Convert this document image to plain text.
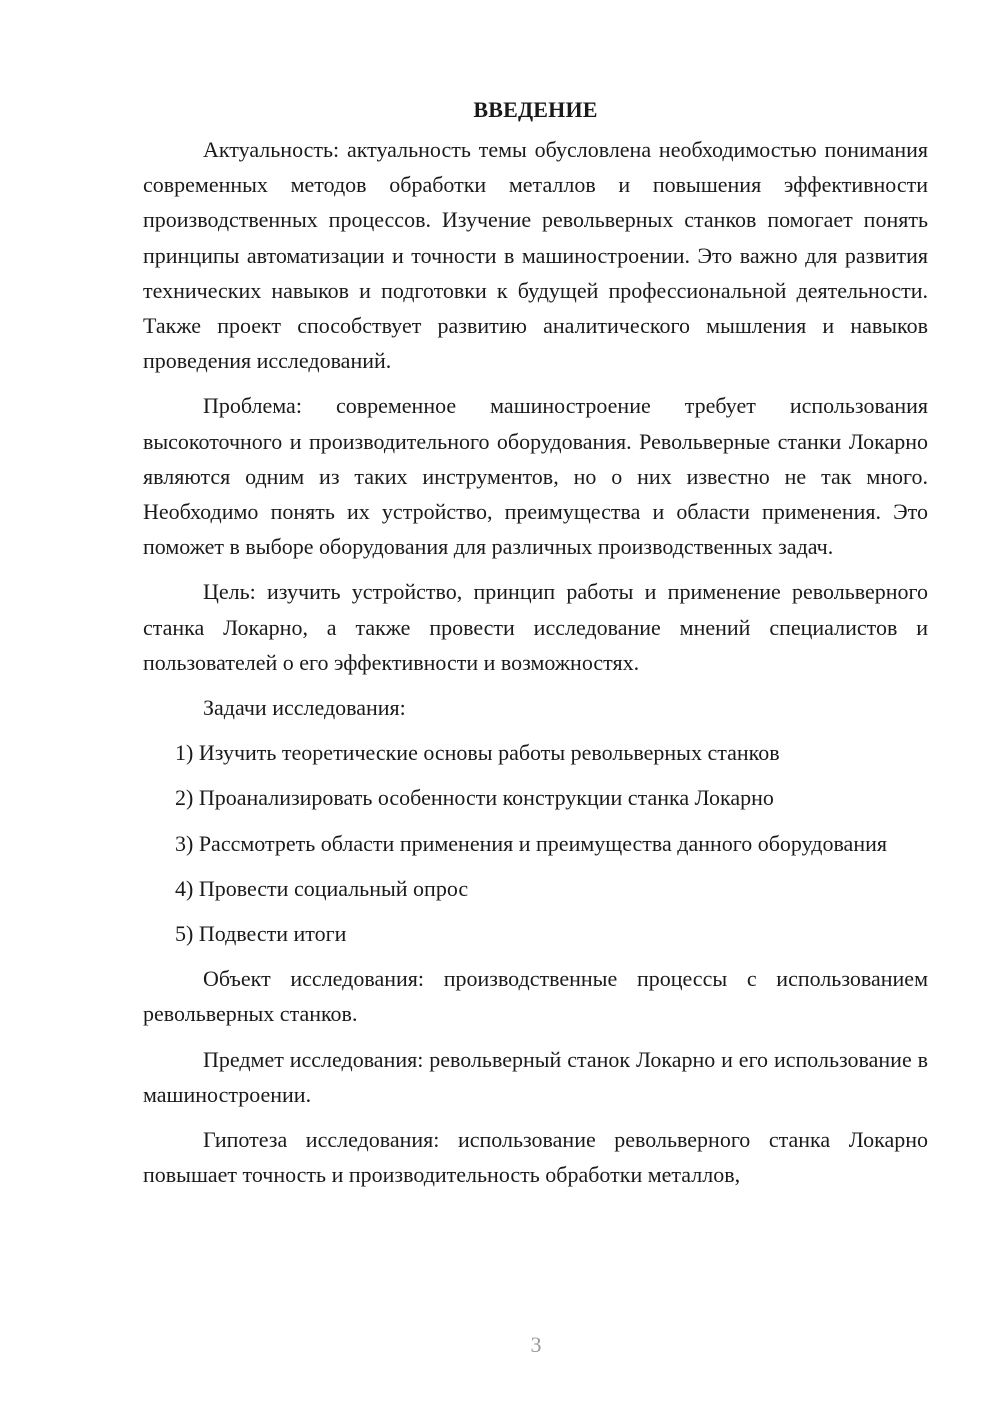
ВВЕДЕНИЕ

Актуальность: актуальность темы обусловлена необходимостью понимания современных методов обработки металлов и повышения эффективности производственных процессов. Изучение револьверных станков помогает понять принципы автоматизации и точности в машиностроении. Это важно для развития технических навыков и подготовки к будущей профессиональной деятельности. Также проект способствует развитию аналитического мышления и навыков проведения исследований.

Проблема: современное машиностроение требует использования высокоточного и производительного оборудования. Револьверные станки Локарно являются одним из таких инструментов, но о них известно не так много. Необходимо понять их устройство, преимущества и области применения. Это поможет в выборе оборудования для различных производственных задач.

Цель: изучить устройство, принцип работы и применение револьверного станка Локарно, а также провести исследование мнений специалистов и пользователей о его эффективности и возможностях.

Задачи исследования:

1) Изучить теоретические основы работы револьверных станков

2) Проанализировать особенности конструкции станка Локарно

3) Рассмотреть области применения и преимущества данного оборудования

4) Провести социальный опрос

5) Подвести итоги

Объект исследования: производственные процессы с использованием револьверных станков.

Предмет исследования: револьверный станок Локарно и его использование в машиностроении.

Гипотеза исследования: использование револьверного станка Локарно повышает точность и производительность обработки металлов,

3
